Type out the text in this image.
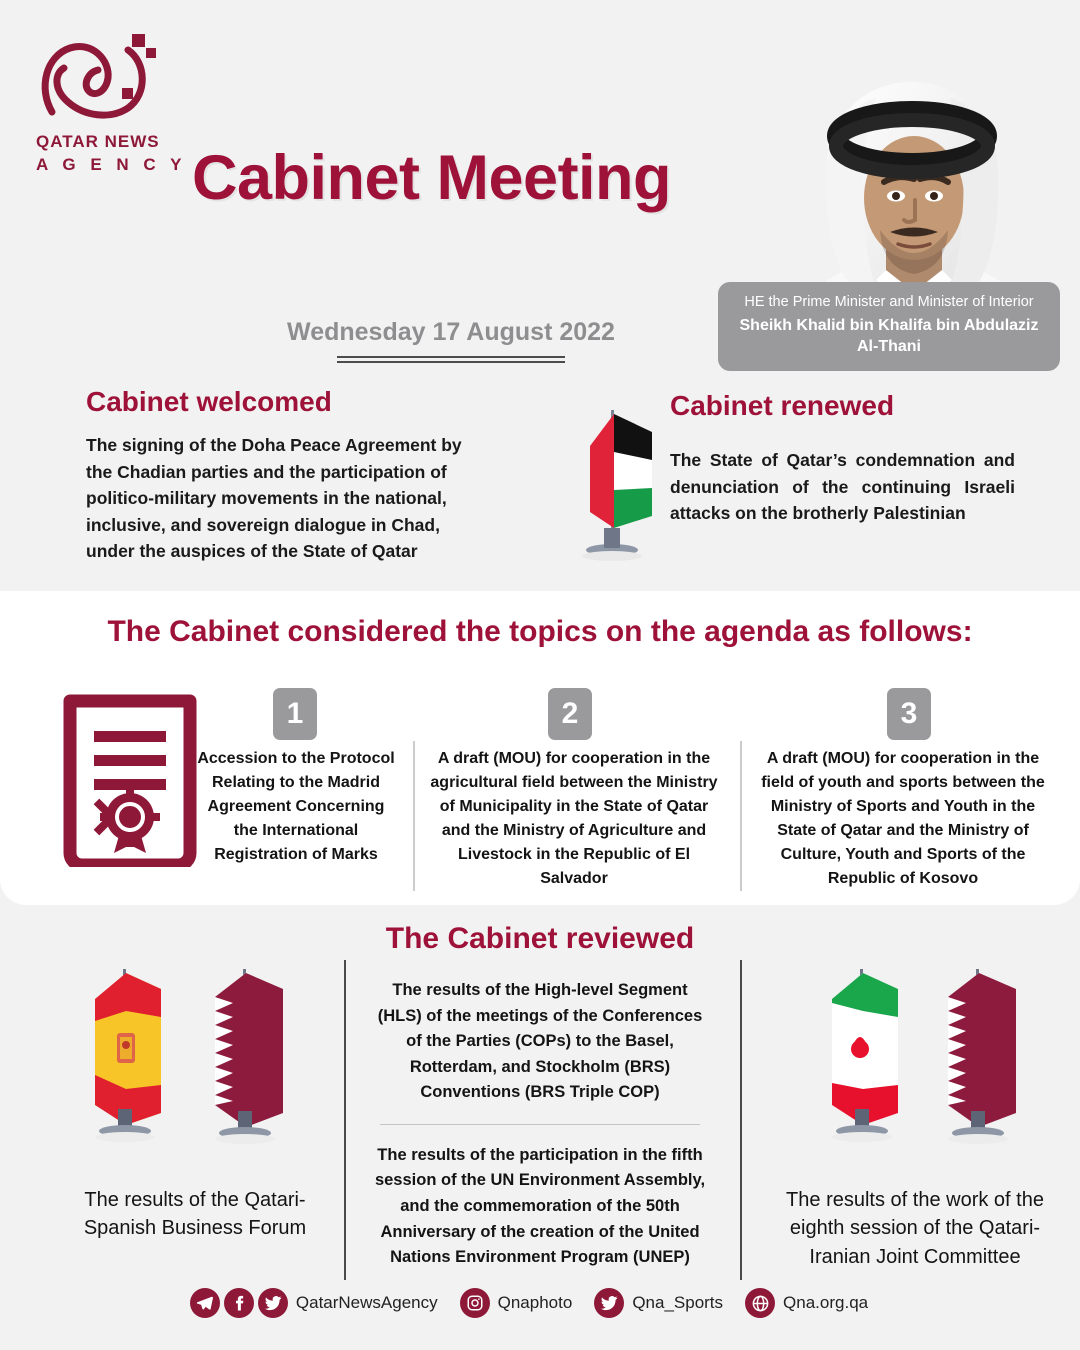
QATAR NEWS
A G E N C Y Cabinet Meeting
HE the Prime Minister and Minister of Interior
Sheikh Khalid bin Khalifa bin Abdulaziz Al-Thani
Wednesday 17 August 2022
Cabinet welcomed
The signing of the Doha Peace Agreement by the Chadian parties and the participation of politico-military movements in the national, inclusive, and sovereign dialogue in Chad, under the auspices of the State of Qatar
Cabinet renewed
The State of Qatar’s condemnation and denunciation of the continuing Israeli attacks on the brotherly Palestinian
The Cabinet considered the topics on the agenda as follows:
1	2	3
Accession to the Protocol Relating to the Madrid Agreement Concerning the International Registration of Marks
A draft (MOU) for cooperation in the agricultural field between the Ministry of Municipality in the State of Qatar and the Ministry of Agriculture and Livestock in the Republic of El Salvador
A draft (MOU) for cooperation in the field of youth and sports between the Ministry of Sports and Youth in the State of Qatar and the Ministry of Culture, Youth and Sports of the Republic of Kosovo
The Cabinet reviewed
The results of the High-level Segment (HLS) of the meetings of the Conferences of the Parties (COPs) to the Basel, Rotterdam, and Stockholm (BRS) Conventions (BRS Triple COP)
The results of the participation in the fifth session of the UN Environment Assembly, and the commemoration of the 50th Anniversary of the creation of the United Nations Environment Program (UNEP)
The results of the Qatari-Spanish Business Forum
The results of the work of the eighth session of the Qatari-Iranian Joint Committee
QatarNewsAgency	Qnaphoto	Qna_Sports	Qna.org.qa
